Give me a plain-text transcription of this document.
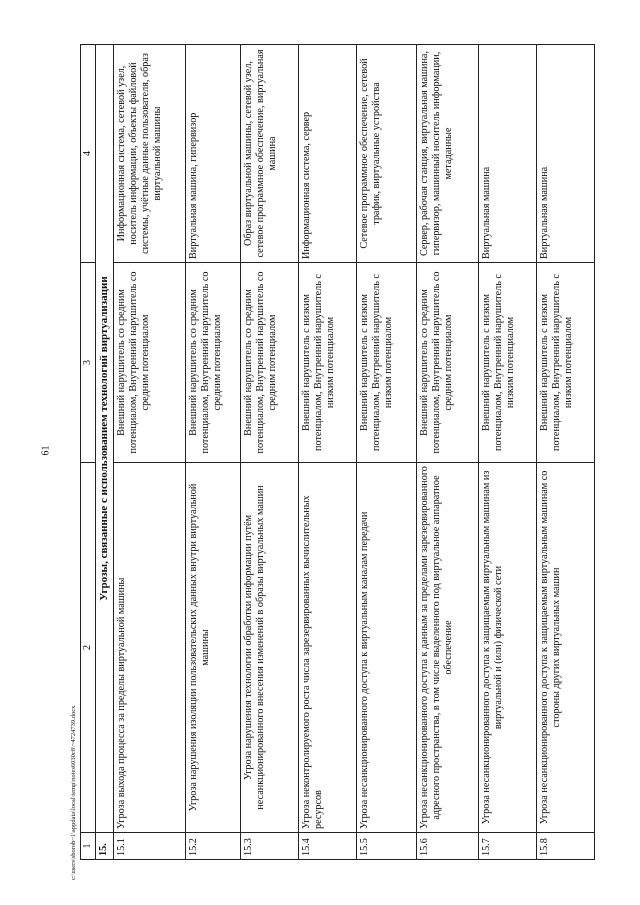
61
c:\users\sborob~1\appdata\local\temp\notes6030c8\~4724739.docx 1	2	3	4
15.	Угрозы, связанные с использованием технологий виртуализации		
15.1	Угроза выхода процесса за пределы виртуальной машины	Внешний нарушитель со средним потенциалом, Внутренний нарушитель со средним потенциалом	Информационная система, сетевой узел, носитель информации, объекты файловой системы, учётные данные пользователя, образ виртуальной машины
15.2	Угроза нарушения изоляции пользовательских данных внутри виртуальной машины	Внешний нарушитель со средним потенциалом, Внутренний нарушитель со средним потенциалом	Виртуальная машина, гипервизор
15.3	Угроза нарушения технологии обработки информации путём несанкционированного внесения изменений в образы виртуальных машин	Внешний нарушитель со средним потенциалом, Внутренний нарушитель со средним потенциалом	Образ виртуальной машины, сетевой узел, сетевое программное обеспечение, виртуальная машина
15.4	Угроза неконтролируемого роста числа зарезервированных вычислительных ресурсов	Внешний нарушитель с низким потенциалом, Внутренний нарушитель с низким потенциалом	Информационная система, сервер
15.5	Угроза несанкционированного доступа к виртуальным каналам передачи	Внешний нарушитель с низким потенциалом, Внутренний нарушитель с низким потенциалом	Сетевое программное обеспечение, сетевой трафик, виртуальные устройства
15.6	Угроза несанкционированного доступа к данным за пределами зарезервированного адресного пространства, в том числе выделенного под виртуальное аппаратное обеспечение	Внешний нарушитель со средним потенциалом, Внутренний нарушитель со средним потенциалом	Сервер, рабочая станция, виртуальная машина, гипервизор, машинный носитель информации, метаданные
15.7	Угроза несанкционированного доступа к защищаемым виртуальным машинам из виртуальной и (или) физической сети	Внешний нарушитель с низким потенциалом, Внутренний нарушитель с низким потенциалом	Виртуальная машина
15.8	Угроза несанкционированного доступа к защищаемым виртуальным машинам со стороны других виртуальных машин	Внешний нарушитель с низким потенциалом, Внутренний нарушитель с низким потенциалом	Виртуальная машина
